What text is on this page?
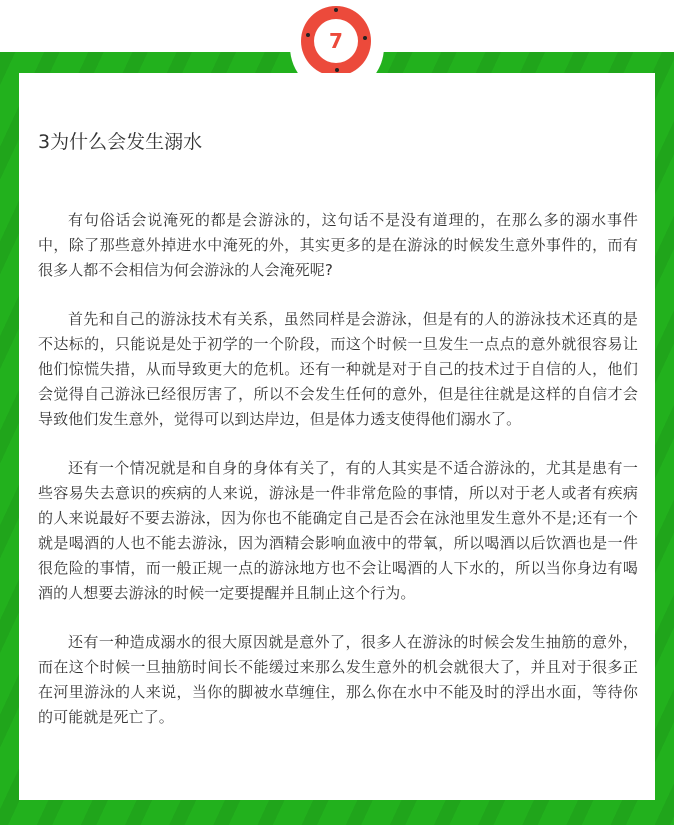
7
3为什么会发生溺水

有句俗话会说淹死的都是会游泳的，这句话不是没有道理的，在那么多的溺水事件中，除了那些意外掉进水中淹死的外，其实更多的是在游泳的时候发生意外事件的，而有很多人都不会相信为何会游泳的人会淹死呢?

首先和自己的游泳技术有关系，虽然同样是会游泳，但是有的人的游泳技术还真的是不达标的，只能说是处于初学的一个阶段，而这个时候一旦发生一点点的意外就很容易让他们惊慌失措，从而导致更大的危机。还有一种就是对于自己的技术过于自信的人，他们会觉得自己游泳已经很厉害了，所以不会发生任何的意外，但是往往就是这样的自信才会导致他们发生意外，觉得可以到达岸边，但是体力透支使得他们溺水了。

还有一个情况就是和自身的身体有关了，有的人其实是不适合游泳的，尤其是患有一些容易失去意识的疾病的人来说，游泳是一件非常危险的事情，所以对于老人或者有疾病的人来说最好不要去游泳，因为你也不能确定自己是否会在泳池里发生意外不是;还有一个就是喝酒的人也不能去游泳，因为酒精会影响血液中的带氧，所以喝酒以后饮酒也是一件很危险的事情，而一般正规一点的游泳地方也不会让喝酒的人下水的，所以当你身边有喝酒的人想要去游泳的时候一定要提醒并且制止这个行为。

还有一种造成溺水的很大原因就是意外了，很多人在游泳的时候会发生抽筋的意外，而在这个时候一旦抽筋时间长不能缓过来那么发生意外的机会就很大了，并且对于很多正在河里游泳的人来说，当你的脚被水草缠住，那么你在水中不能及时的浮出水面，等待你的可能就是死亡了。
